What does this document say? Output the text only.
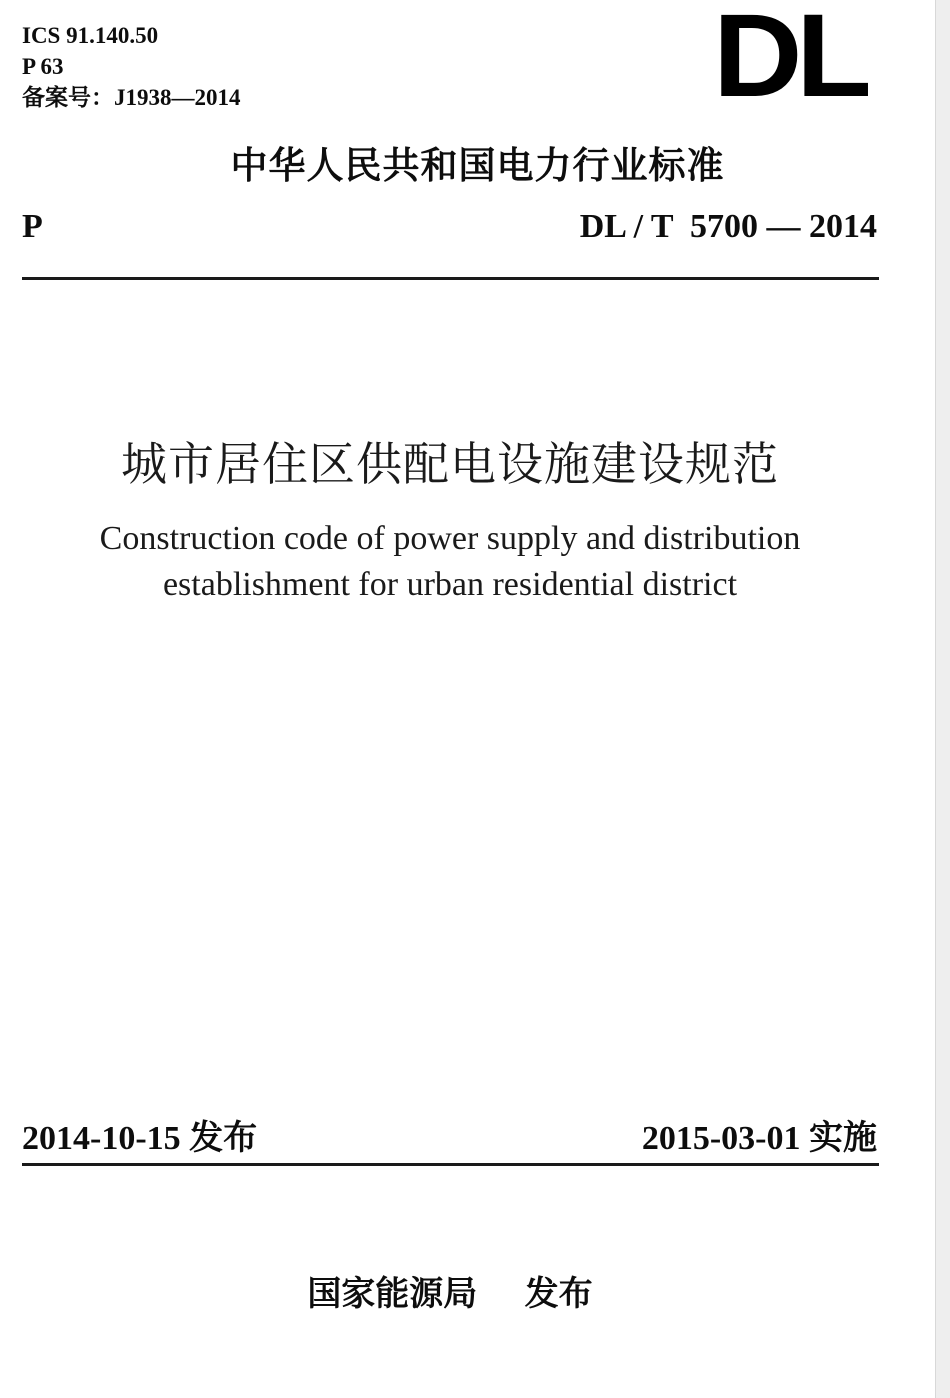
ICS 91.140.50
P 63
备案号：J1938—2014	DL
中华人民共和国电力行业标准
P	DL / T  5700 — 2014
城市居住区供配电设施建设规范
Construction code of power supply and distribution
establishment for urban residential district
2014-10-15 发布	2015-03-01 实施
国家能源局 发布
